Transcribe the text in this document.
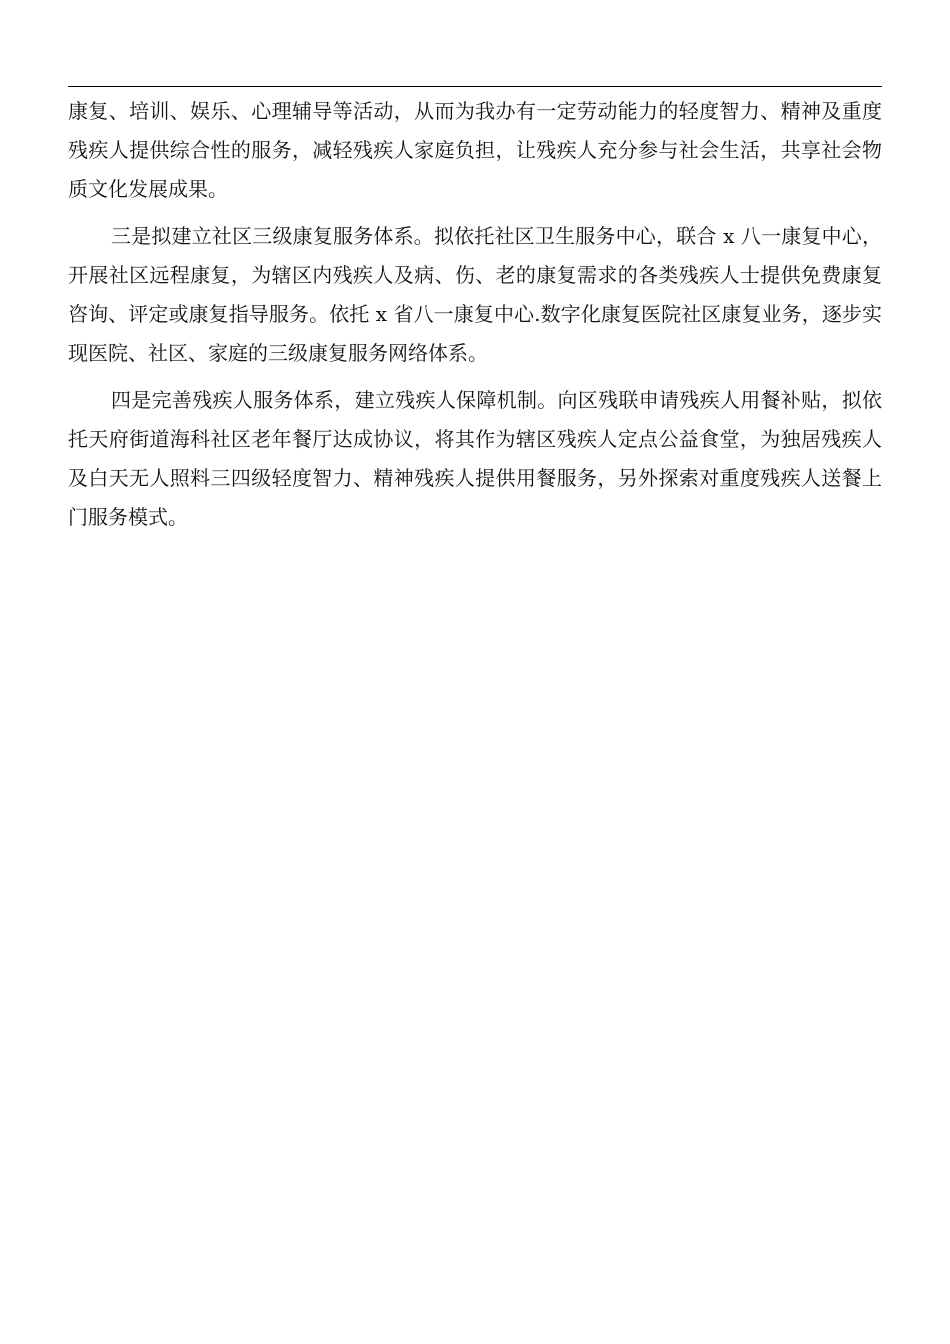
康复、培训、娱乐、心理辅导等活动，从而为我办有一定劳动能力的轻度智力、精神及重度残疾人提供综合性的服务，减轻残疾人家庭负担，让残疾人充分参与社会生活，共享社会物质文化发展成果。

三是拟建立社区三级康复服务体系。拟依托社区卫生服务中心，联合 x 八一康复中心，开展社区远程康复，为辖区内残疾人及病、伤、老的康复需求的各类残疾人士提供免费康复咨询、评定或康复指导服务。依托 x 省八一康复中心.数字化康复医院社区康复业务，逐步实现医院、社区、家庭的三级康复服务网络体系。

四是完善残疾人服务体系，建立残疾人保障机制。向区残联申请残疾人用餐补贴，拟依托天府街道海科社区老年餐厅达成协议，将其作为辖区残疾人定点公益食堂，为独居残疾人及白天无人照料三四级轻度智力、精神残疾人提供用餐服务，另外探索对重度残疾人送餐上门服务模式。
